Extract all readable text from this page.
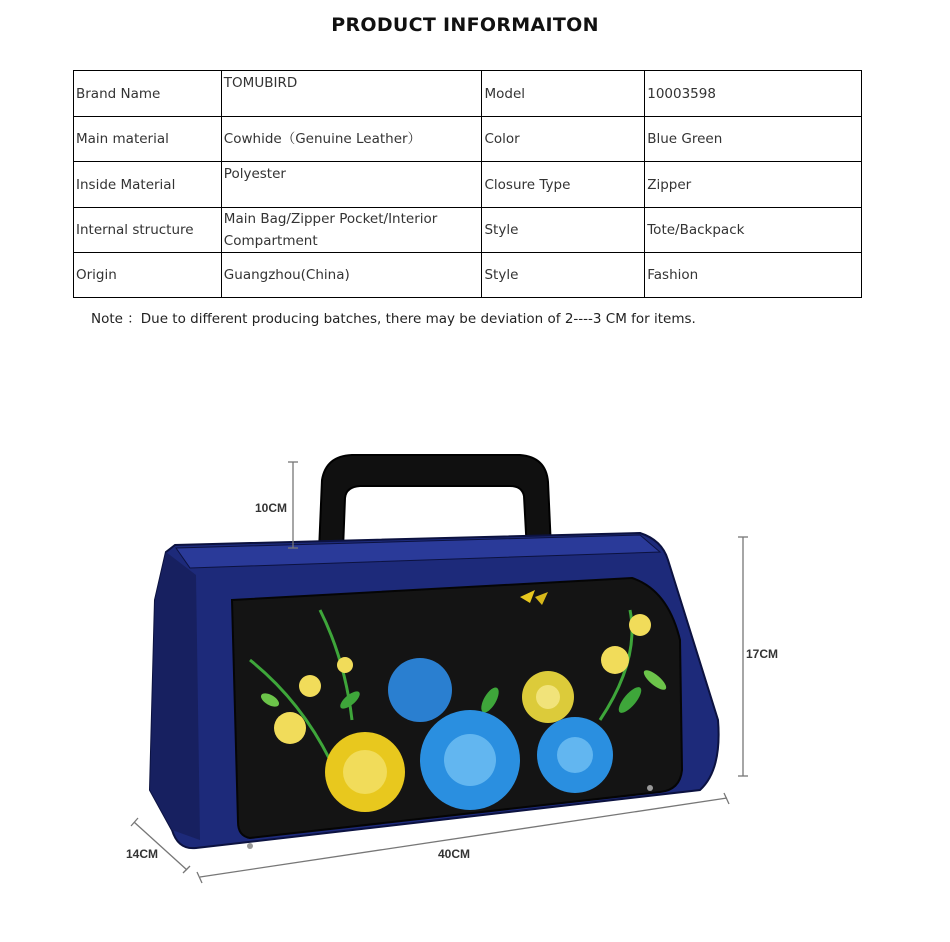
PRODUCT INFORMAITON
Brand Name	TOMUBIRD	Model	10003598
Main material	Cowhide（Genuine Leather）	Color	Blue Green
Inside Material	Polyester	Closure Type	Zipper
Internal structure	Main Bag/Zipper Pocket/Interior Compartment	Style	Tote/Backpack
Origin	Guangzhou(China)	Style	Fashion
Note ：Due to different producing batches, there may be deviation of 2----3 CM for items.
10CM
17CM
40CM
14CM
